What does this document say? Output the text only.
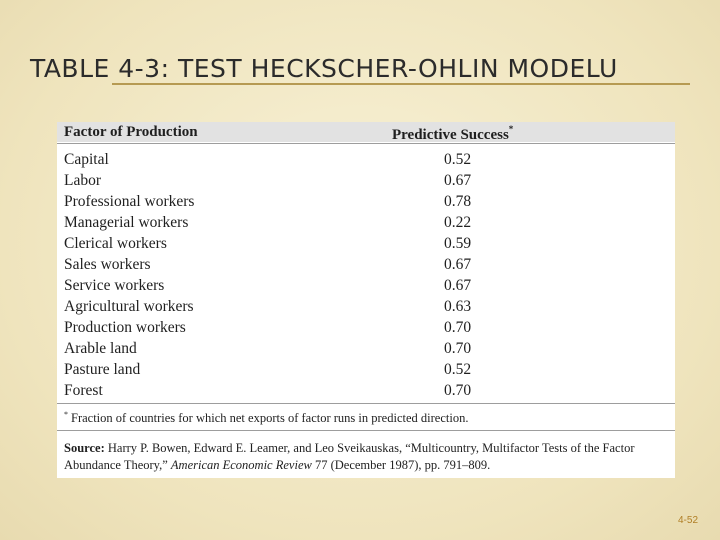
TABLE 4-3: TEST HECKSCHER-OHLIN MODELU
Factor of Production	Predictive Success*
Capital	0.52
Labor	0.67
Professional workers	0.78
Managerial workers	0.22
Clerical workers	0.59
Sales workers	0.67
Service workers	0.67
Agricultural workers	0.63
Production workers	0.70
Arable land	0.70
Pasture land	0.52
Forest	0.70
* Fraction of countries for which net exports of factor runs in predicted direction.
Source: Harry P. Bowen, Edward E. Leamer, and Leo Sveikauskas, “Multicountry, Multifactor Tests of the Factor Abundance Theory,” American Economic Review 77 (December 1987), pp. 791–809.
4-52
